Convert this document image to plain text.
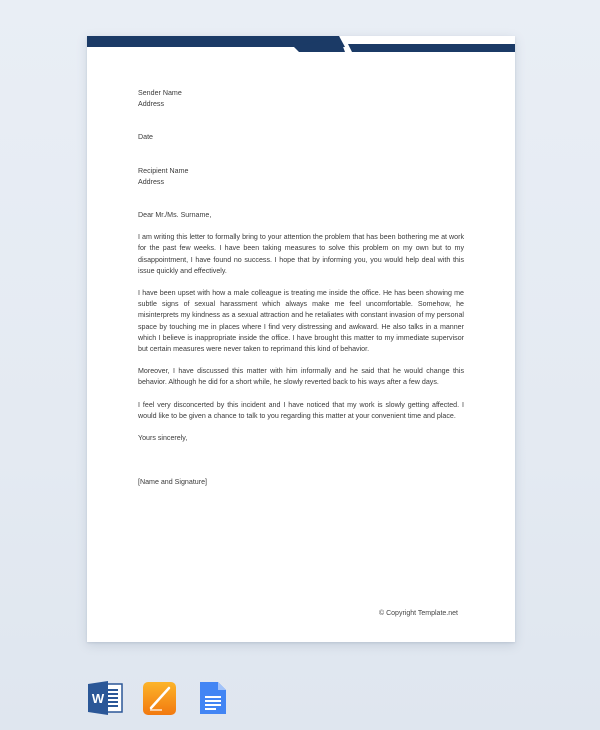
Sender Name

Address

Date

Recipient Name

Address

Dear Mr./Ms. Surname,

I am writing this letter to formally bring to your attention the problem that has been bothering me at work for the past few weeks. I have been taking measures to solve this problem on my own but to my disappointment, I have found no success. I hope that by informing you, you would help deal with this issue quickly and effectively.

I have been upset with how a male colleague is treating me inside the office. He has been showing me subtle signs of sexual harassment which always make me feel uncomfortable. Somehow, he misinterprets my kindness as a sexual attraction and he retaliates with constant invasion of my personal space by touching me in places where I find very distressing and awkward. He also talks in a manner which I believe is inappropriate inside the office. I have brought this matter to my immediate supervisor but certain measures were never taken to reprimand this kind of behavior.

Moreover, I have discussed this matter with him informally and he said that he would change this behavior. Although he did for a short while, he slowly reverted back to his ways after a few days.

I feel very disconcerted by this incident and I have noticed that my work is slowly getting affected. I would like to be given a chance to talk to you regarding this matter at your convenient time and place.

Yours sincerely,

[Name and Signature]

© Copyright Template.net
W
